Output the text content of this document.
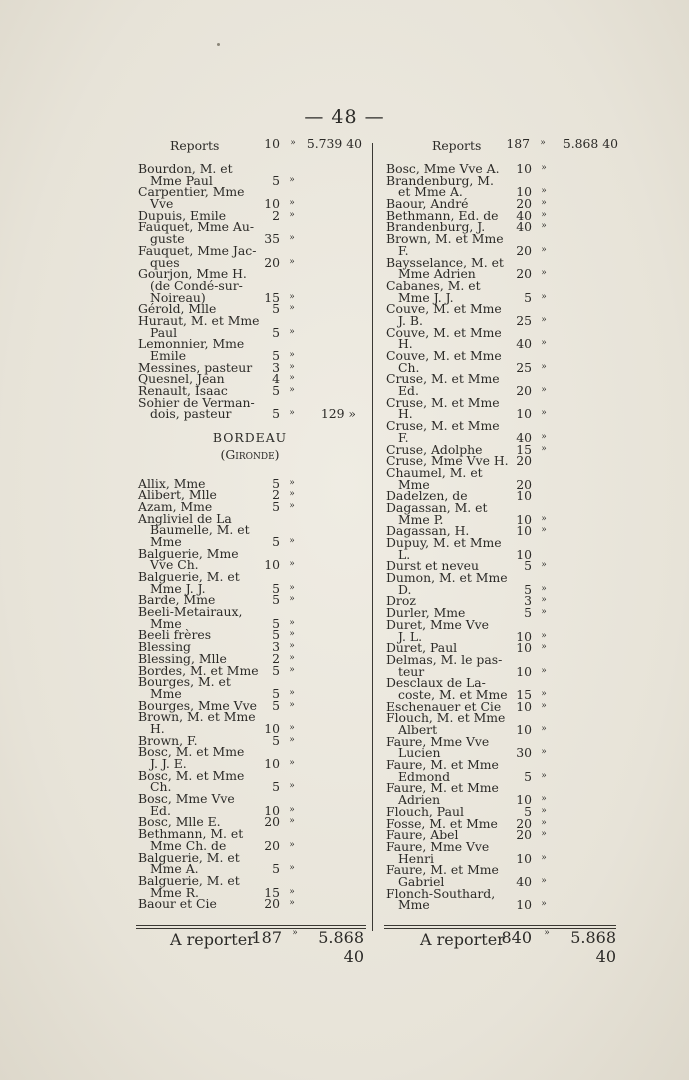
— 48 —
Reports	10 » 5.739 40
Bourdon, M. et
Mme Paul	5	»
Carpentier, Mme
Vve	10	»
Dupuis, Emile	2	»
Fauquet, Mme Au-
guste	35	»
Fauquet, Mme Jac-
ques	20	»
Gourjon, Mme H.
(de Condé-sur-
Noireau)	15	»
Gérold, Mlle	5	»
Huraut, M. et Mme
Paul	5	»
Lemonnier, Mme
Emile	5	»
Messines, pasteur	3	»
Quesnel, Jean	4	»
Renault, Isaac	5	»
Sohier de Verman-
dois, pasteur	5	»	129 »
BORDEAU
(Gironde)
Allix, Mme	5	»
Alibert, Mlle	2	»
Azam, Mme	5	»
Angliviel de La
Baumelle, M. et
Mme	5	»
Balguerie, Mme
Vve Ch.	10	»
Balguerie, M. et
Mme J. J.	5	»
Barde, Mme	5	»
Beeli-Metairaux,
Mme	5	»
Beeli frères	5	»
Blessing	3	»
Blessing, Mlle	2	»
Bordes, M. et Mme	5	»
Bourges, M. et
Mme	5	»
Bourges, Mme Vve	5	»
Brown, M. et Mme
H.	10	»
Brown, F.	5	»
Bosc, M. et Mme
J. J. E.	10	»
Bosc, M. et Mme
Ch.	5	»
Bosc, Mme Vve
Ed.	10	»
Bosc, Mlle E.	20	»
Bethmann, M. et
Mme Ch. de	20	»
Balguerie, M. et
Mme A.	5	»
Balguerie, M. et
Mme R.	15	»
Baour et Cie	20	»
Reports	187 »	5.868 40
Bosc, Mme Vve A.	10	»
Brandenburg, M.
et Mme A.	10	»
Baour, André	20	»
Bethmann, Ed. de	40	»
Brandenburg, J.	40	»
Brown, M. et Mme
F.	20	»
Baysselance, M. et
Mme Adrien	20	»
Cabanes, M. et
Mme J. J.	5	»
Couve, M. et Mme
J. B.	25	»
Couve, M. et Mme
H.	40	»
Couve, M. et Mme
Ch.	25	»
Cruse, M. et Mme
Ed.	20	»
Cruse, M. et Mme
H.	10	»
Cruse, M. et Mme
F.	40	»
Cruse, Adolphe	15	»
Cruse, Mme Vve H. 20
Chaumel, M. et
Mme	20
Dadelzen, de	10
Dagassan, M. et
Mme P.	10	»
Dagassan, H.	10	»
Dupuy, M. et Mme
L.	10
Durst et neveu	5	»
Dumon, M. et Mme
D.	5	»
Droz	3	»
Durler, Mme	5	»
Duret, Mme Vve
J. L.	10	»
Duret, Paul	10	»
Delmas, M. le pas-
teur	10	»
Desclaux de La-
coste, M. et Mme 15	»
Eschenauer et Cie	10	»
Flouch, M. et Mme
Albert	10	»
Faure, Mme Vve
Lucien	30	»
Faure, M. et Mme
Edmond	5	»
Faure, M. et Mme
Adrien	10	»
Flouch, Paul	5	»
Fosse, M. et Mme	20	»
Faure, Abel	20	»
Faure, Mme Vve
Henri	10	»
Faure, M. et Mme
Gabriel	40	»
Flonch-Southard,
Mme	10	»
A reporter
187 »	5.868 40
A reporter
840 »	5.868 40
